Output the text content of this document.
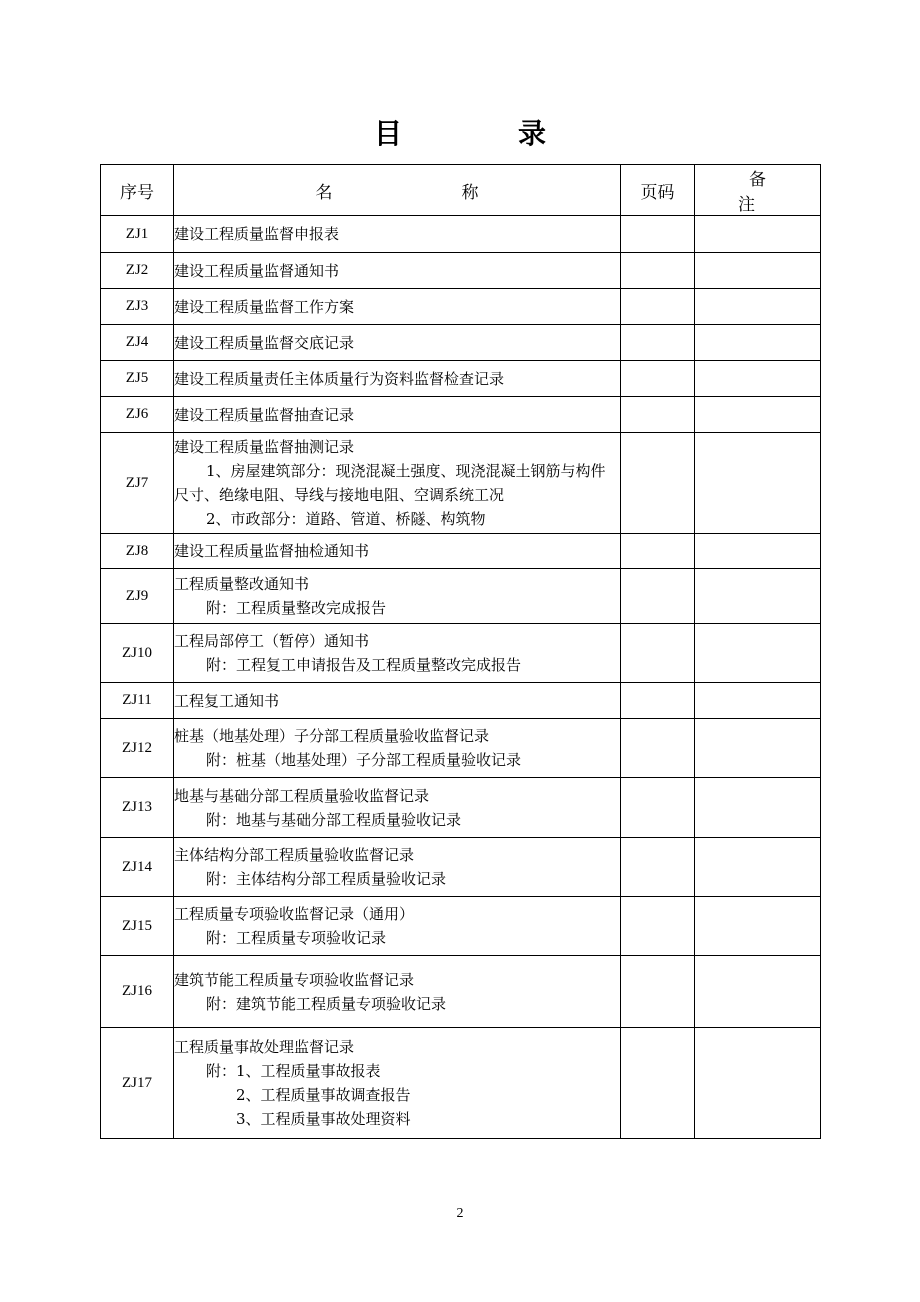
目　录
序号	名　称	页码	备　注
ZJ1	建设工程质量监督申报表		

ZJ2	建设工程质量监督通知书		

ZJ3	建设工程质量监督工作方案		

ZJ4	建设工程质量监督交底记录		

ZJ5	建设工程质量责任主体质量行为资料监督检查记录		

ZJ6	建设工程质量监督抽查记录		

ZJ7	建设工程质量监督抽测记录
1、房屋建筑部分：现浇混凝土强度、现浇混凝土钢筋与构件尺寸、绝缘电阻、导线与接地电阻、空调系统工况
2、市政部分：道路、管道、桥隧、构筑物		

ZJ8	建设工程质量监督抽检通知书		

ZJ9	工程质量整改通知书
附：工程质量整改完成报告		

ZJ10	工程局部停工（暂停）通知书
附：工程复工申请报告及工程质量整改完成报告		

ZJ11	工程复工通知书		

ZJ12	桩基（地基处理）子分部工程质量验收监督记录
附：桩基（地基处理）子分部工程质量验收记录		

ZJ13	地基与基础分部工程质量验收监督记录
附：地基与基础分部工程质量验收记录		

ZJ14	主体结构分部工程质量验收监督记录
附：主体结构分部工程质量验收记录		

ZJ15	工程质量专项验收监督记录（通用）
附：工程质量专项验收记录		

ZJ16	建筑节能工程质量专项验收监督记录
附：建筑节能工程质量专项验收记录		

ZJ17	工程质量事故处理监督记录
附：1、工程质量事故报表
2、工程质量事故调查报告
3、工程质量事故处理资料		

2
